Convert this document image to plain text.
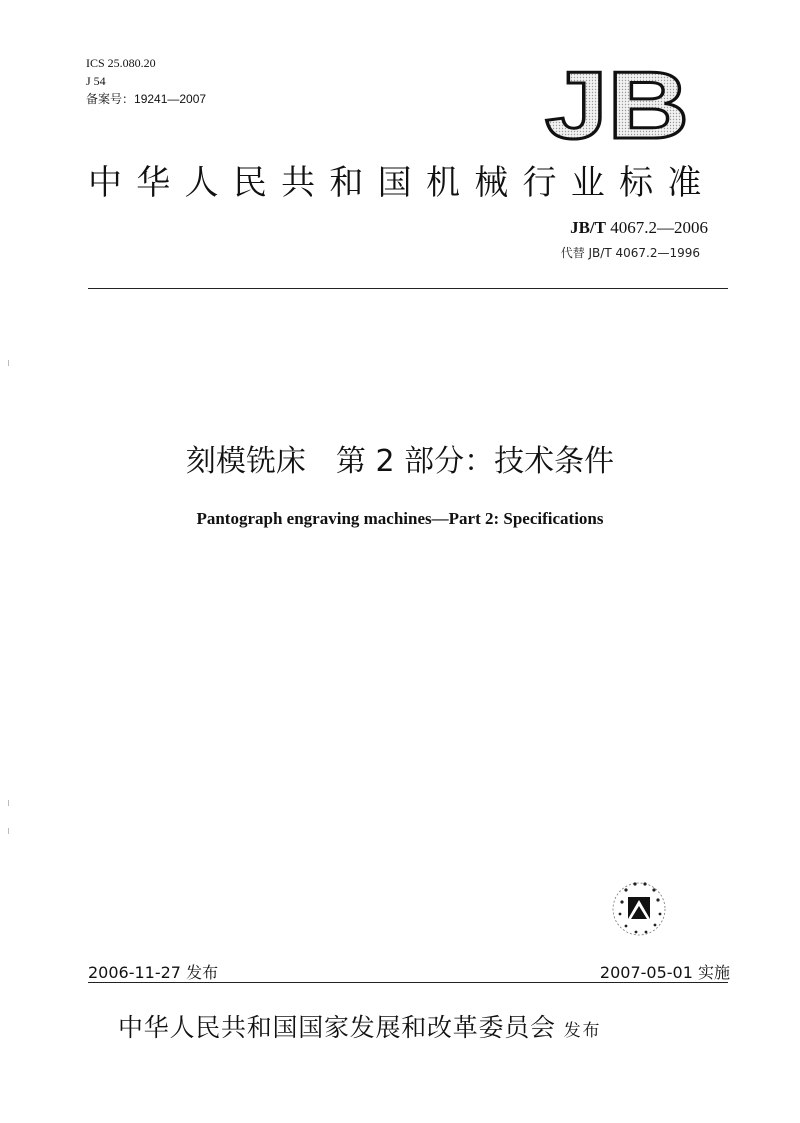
ICS 25.080.20
J 54
备案号：19241—2007	JB
中华人民共和国机械行业标准
JB/T 4067.2—2006
代替 JB/T 4067.2—1996
刻模铣床　第 2 部分：技术条件
Pantograph engraving machines—Part 2: Specifications
2006-11-27 发布	2007-05-01 实施
中华人民共和国国家发展和改革委员会 发布
